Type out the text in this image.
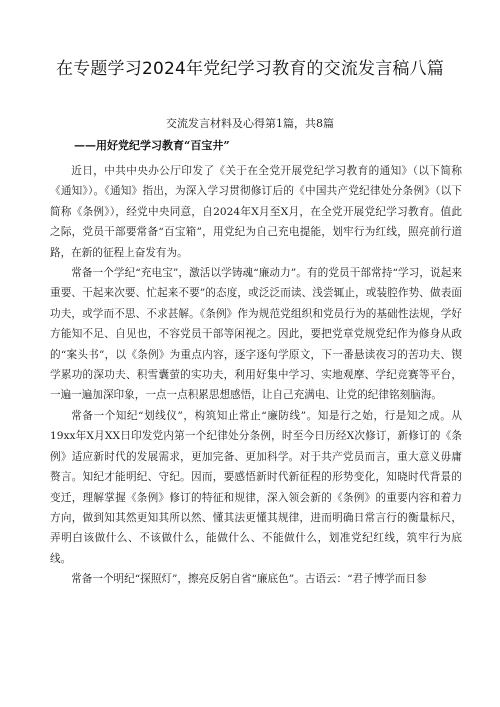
在专题学习2024年党纪学习教育的交流发言稿八篇
交流发言材料及心得第1篇，共8篇
——用好党纪学习教育“百宝井”

近日，中共中央办公厅印发了《关于在全党开展党纪学习教育的通知》（以下简称《通知》）。《通知》指出，为深入学习贯彻修订后的《中国共产党纪律处分条例》（以下简称《条例》），经党中央同意，自2024年X月至X月，在全党开展党纪学习教育。值此之际，党员干部要常备“百宝箱”，用党纪为自己充电提能，划牢行为红线，照亮前行道路，在新的征程上奋发有为。

常备一个学纪“充电宝”，激活以学铸魂“廉动力”。有的党员干部常持“学习，说起来重要、干起来次要、忙起来不要”的态度，或泛泛而读、浅尝辄止，或装腔作势、做表面功夫，或学而不思、不求甚解。《条例》作为规范党组织和党员行为的基础性法规，学好方能知不足、自见也，不容党员干部等闲视之。因此，要把党章党规党纪作为修身从政的“案头书”，以《条例》为重点内容，逐字逐句学原文，下一番悬读夜习的苦功夫、锲学累功的深功夫、积雪囊萤的实功夫，利用好集中学习、实地观摩、学纪竞赛等平台，一遍一遍加深印象，一点一点积累思想感悟，让自己充满电、让党的纪律铭刻脑海。

常备一个知纪“划线仪”，构筑知止常止“廉防线”。知是行之始，行是知之成。从19xx年X月XX日印发党内第一个纪律处分条例，时至今日历经X次修订，新修订的《条例》适应新时代的发展需求，更加完备、更加科学。对于共产党员而言，重大意义毋庸赘言。知纪才能明纪、守纪。因而，要感悟新时代新征程的形势变化，知晓时代背景的变迁，理解掌握《条例》修订的特征和规律，深入领会新的《条例》的重要内容和着力方向，做到知其然更知其所以然、懂其法更懂其规律，进而明确日常言行的衡量标尺，弄明白该做什么、不该做什么，能做什么、不能做什么，划准党纪红线，筑牢行为底线。

常备一个明纪“探照灯”，擦亮反躬自省“廉底色”。古语云：“君子博学而日参
